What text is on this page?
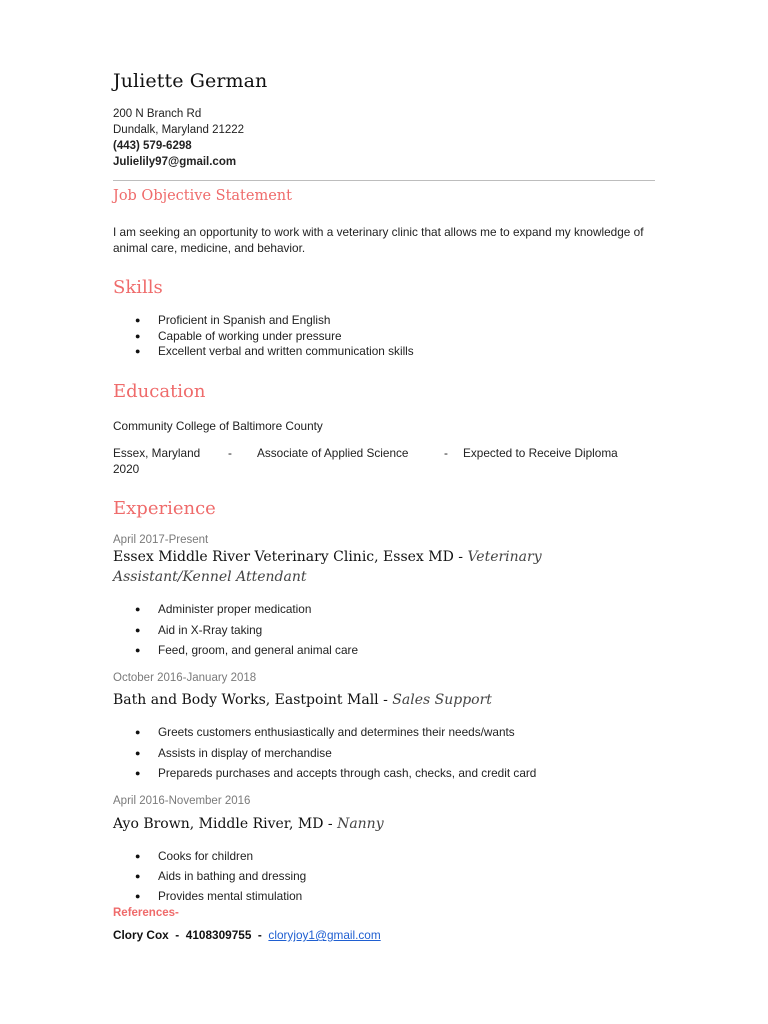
Juliette German
200 N Branch Rd
Dundalk, Maryland 21222
(443) 579-6298
Julielily97@gmail.com
Job Objective Statement
I am seeking an opportunity to work with a veterinary clinic that allows me to expand my knowledge of animal care, medicine, and behavior.
Skills
● Proficient in Spanish and English
● Capable of working under pressure
● Excellent verbal and written communication skills
Education
Community College of Baltimore County
Essex, Maryland - Associate of Applied Science	- Expected to Receive Diploma
2020
Experience
April 2017-Present
Essex Middle River Veterinary Clinic, Essex MD - Veterinary Assistant/Kennel Attendant
● Administer proper medication
● Aid in X-Rray taking
● Feed, groom, and general animal care
October 2016-January 2018
Bath and Body Works, Eastpoint Mall - Sales Support
● Greets customers enthusiastically and determines their needs/wants
● Assists in display of merchandise
● Prepareds purchases and accepts through cash, checks, and credit card
April 2016-November 2016
Ayo Brown, Middle River, MD - Nanny
● Cooks for children
● Aids in bathing and dressing
● Provides mental stimulation
References-
Clory Cox  -  4108309755  -  cloryjoy1@gmail.com
